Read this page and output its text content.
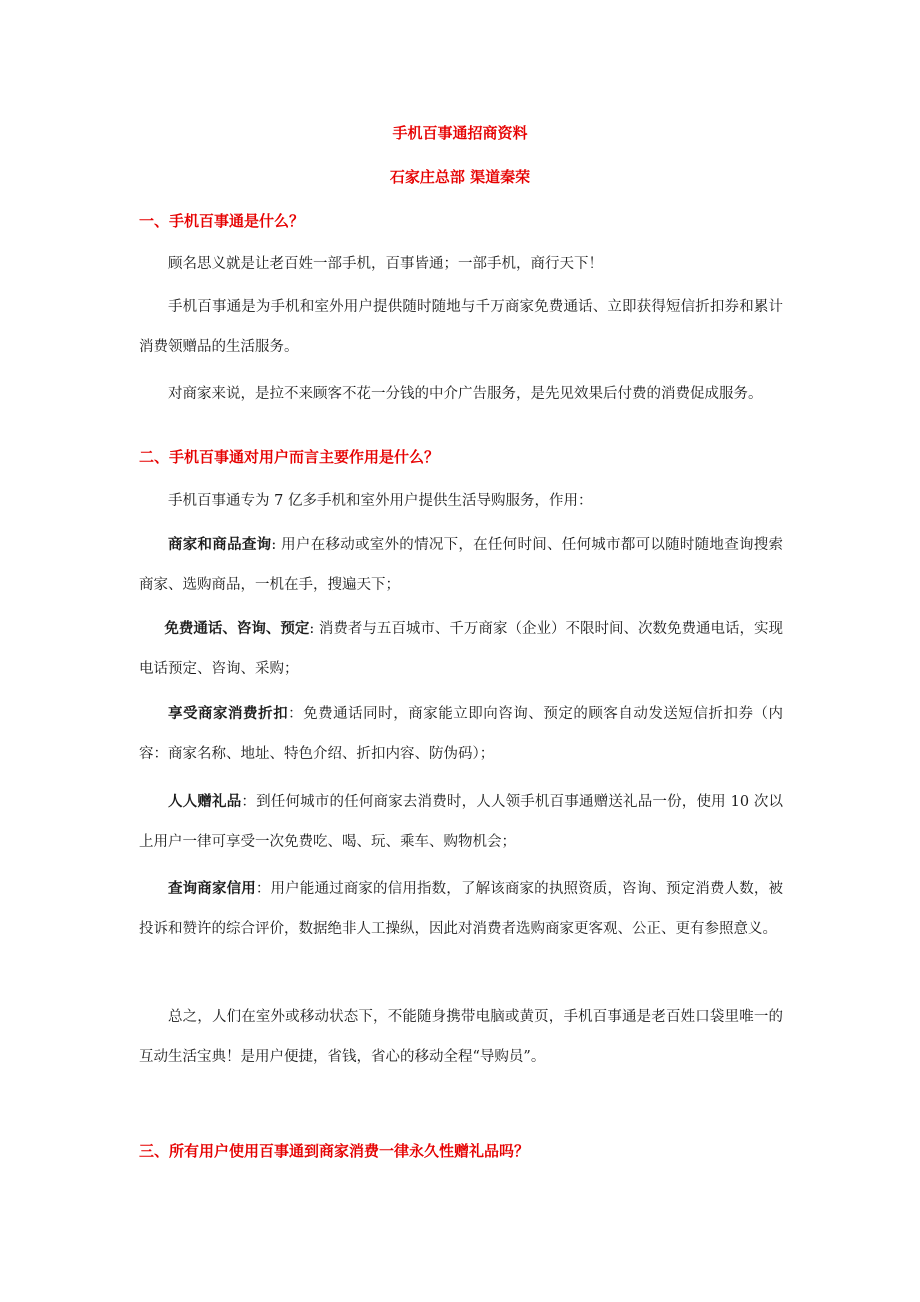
手机百事通招商资料
石家庄总部 渠道秦荣
一、手机百事通是什么？
顾名思义就是让老百姓一部手机，百事皆通；一部手机，商行天下！
手机百事通是为手机和室外用户提供随时随地与千万商家免费通话、立即获得短信折扣券和累计消费领赠品的生活服务。
对商家来说，是拉不来顾客不花一分钱的中介广告服务，是先见效果后付费的消费促成服务。
二、手机百事通对用户而言主要作用是什么？
手机百事通专为 7 亿多手机和室外用户提供生活导购服务，作用：
商家和商品查询: 用户在移动或室外的情况下，在任何时间、任何城市都可以随时随地查询搜索商家、选购商品，一机在手，搜遍天下；
免费通话、咨询、预定: 消费者与五百城市、千万商家（企业）不限时间、次数免费通电话，实现电话预定、咨询、采购；
享受商家消费折扣：免费通话同时，商家能立即向咨询、预定的顾客自动发送短信折扣券（内容：商家名称、地址、特色介绍、折扣内容、防伪码）；
人人赠礼品：到任何城市的任何商家去消费时，人人领手机百事通赠送礼品一份，使用 10 次以上用户一律可享受一次免费吃、喝、玩、乘车、购物机会；
查询商家信用：用户能通过商家的信用指数，了解该商家的执照资质，咨询、预定消费人数，被投诉和赞许的综合评价，数据绝非人工操纵，因此对消费者选购商家更客观、公正、更有参照意义。
总之，人们在室外或移动状态下，不能随身携带电脑或黄页，手机百事通是老百姓口袋里唯一的互动生活宝典！是用户便捷，省钱，省心的移动全程“导购员”。
三、所有用户使用百事通到商家消费一律永久性赠礼品吗？
